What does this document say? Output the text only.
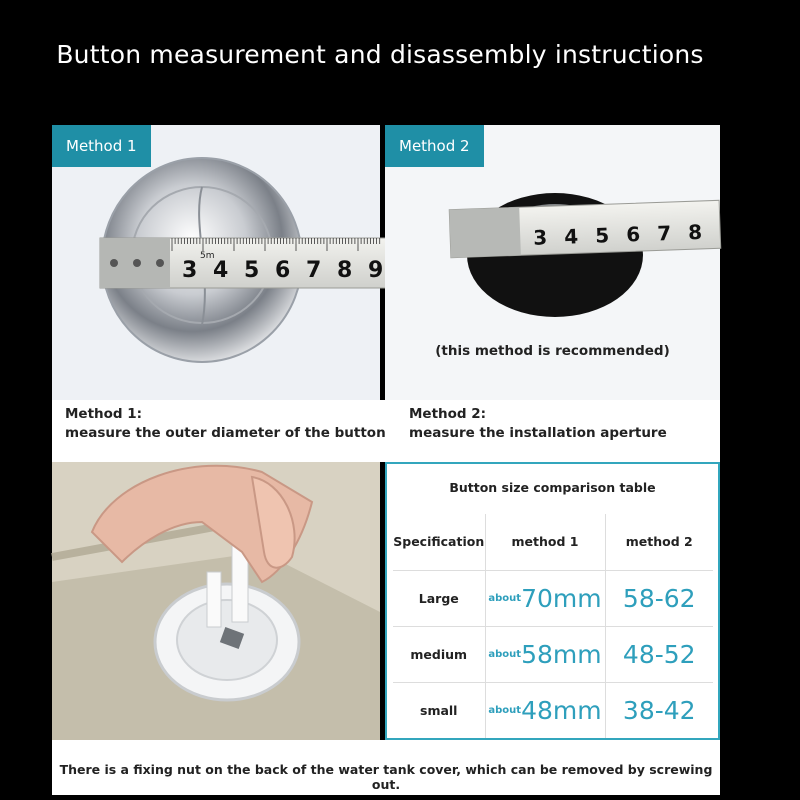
Button measurement and disassembly instructions
5m
3 4 5 6 7 8 9
Method 1
3 4 5 6 7 8
Method 2
(this method is recommended)
Method 1:
measure the outer diameter of the button
Method 2:
measure the installation aperture
Button size comparison table
Specification	method 1	method 2
Large	$^{about}$70mm	58-62
medium	$^{about}$58mm	48-52
small	$^{about}$48mm	38-42
There is a fixing nut on the back of the water tank cover, which can be removed by screwing out.
